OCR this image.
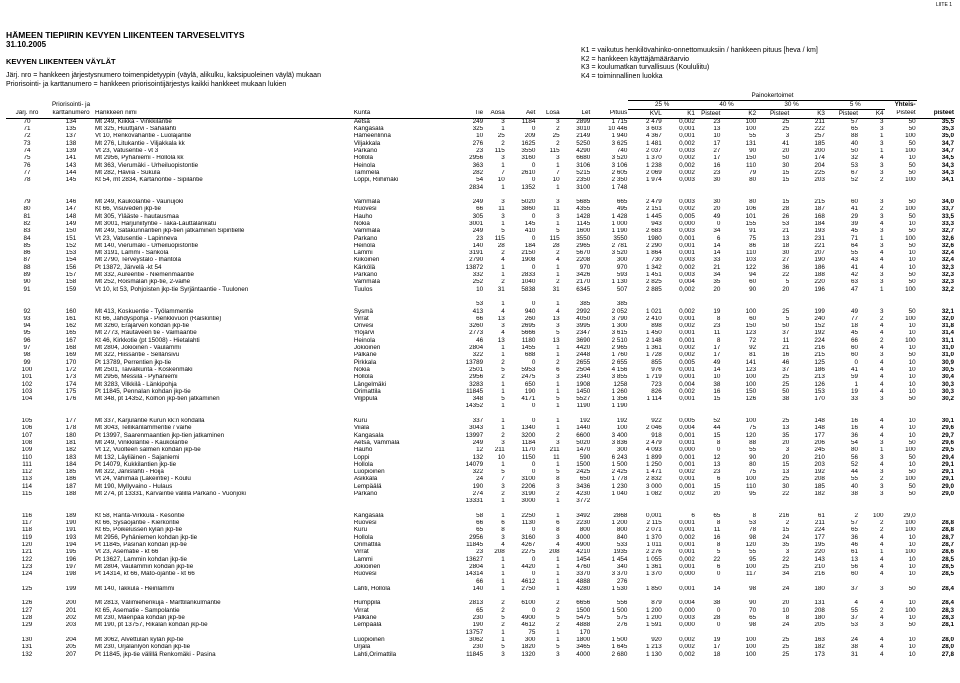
LIITE 1
HÄMEEN TIEPIIRIN KEVYEN LIIKENTEEN TARVESELVITYS
31.10.2005
KEVYEN LIIKENTEEN VÄYLÄT
Järj. nro = hankkeen järjestysnumero toimenpidetyypin (väylä, alikulku, kaksipuoleinen väylä) mukaan
Priorisointi- ja karttanumero = hankkeen priorisointijärjestys kaikki hankkeet mukaan lukien
K1 = vaikutus henkilövahinko-onnettomuuksiin / hankkeen pituus [heva / km]
K2 = hankkeen käyttäjämääräarvio
K3 = koulumatkan turvallisuus (Koululiitu)
K4 = toiminnallinen luokka
										Painokertoimet									
	Priorisointi- ja									25 %		40 %		30 %		5 %		Yhteis-	
Järj. nro	karttanumero	Hankkeen nimi	Kunta	Tie	Aosa	Aet	Losa	Let	Pituus	KVL	K1	Pisteet	K2	Pisteet	K3	Pisteet	K4	Pisteet	pisteet
70	134	Mt 249, Kiikka - Vinkkilantie	Äetsä	249	3	1184	3	2899	1 715	2 479	0,002	23	100	25	211	57	3	50	35,5
71	135	Mt 325, Huuttjärvi - Sahalahti	Kangasala	325	1	0	2	3010	10 446	3 603	0,001	13	100	25	222	65	3	50	35,3
72	137	Vt 10, Renkovahantie - Luolajantie	Hämeenlinna	10	25	209	25	2149	1 940	4 367	0,001	10	55	3	257	88	1	100	35,0
73	138	Mt 276, Litukantie - Viljakkala kk	Viljakkala	276	2	1625	2	5250	3 625	1 481	0,002	17	131	41	185	40	3	50	34,7
74	139	Vt 23, Vatusentie - vt 3	Parkano	23	115	3550	115	4290	740	2 037	0,003	27	90	20	200	50	1	100	34,7
75	141	Mt 2956, Pyhäniemi - Hollola kk	Hollola	2956	3	3160	3	6680	3 520	1 370	0,002	17	150	50	174	32	4	10	34,5
76	143	Mt 363, Vierumäki - Urheiluopistontie	Heinola	363	1	0	1	3106	3 106	1 238	0,002	16	110	30	204	53	3	50	34,3
77	144	Mt 282, Häviiä - Sukula	Tammela	282	7	2610	7	5215	2 605	2 069	0,002	23	79	15	225	67	3	50	34,3
78	145	Kt 54, mt 2834, Kartanontie - Sipiläntie	Loppi, Riihimäki	54	10	0	10	2350	2 350	1 974	0,003	30	80	15	203	52	2	100	34,1
				2834	1	1352	1	3100	1 748										

79	146	Mt 249, Kaukolantie - Vaunujoki	Vammala	249	3	5020	3	5685	665	2 479	0,003	30	80	15	215	60	3	50	34,0
80	147	Kt 66, Visuveden jkp-tie	Ruovesi	66	11	3860	11	4355	495	2 151	0,002	20	106	28	187	41	2	100	33,7
81	148	Mt 305, Ylääste - hautausmaa	Hauho	305	3	0	3	1428	1 428	1 445	0,005	49	101	26	168	29	3	50	33,5
82	149	Mt 3001, Harjuniityntie - Taka-Lauttalankatu	Nokia	3001	1	145	1	1145	1 000	943	0,000	0	155	53	184	39	4	10	33,3
83	150	Mt 249, Satakunnantien jkp-tien jatkaminen Sipintielle	Vammala	249	5	410	5	1600	1 190	2 683	0,003	34	91	21	193	45	3	50	32,7
84	151	Vt 23, Vatusentie - Lapinneva	Parkano	23	115	0	115	3550	3550	1980	0,001	6	75	13	231	71	1	100	32,6
85	152	Mt 140, Vierumäki - Urheiluopistontie	Heinola	140	28	184	28	2965	2 781	2 290	0,001	14	86	18	221	64	3	50	32,6
86	153	Mt 3191, Lammi - Sankola	Lammi	3191	2	2150	2	5670	3 520	1 864	0,001	14	110	30	207	55	4	10	32,4
87	154	Mt 2790, Terveystalo - Ihantola	Kiikoinen	2790	4	1908	4	2208	300	730	0,003	33	103	27	190	43	4	10	32,4
88	156	Pt 13872, Järvelä -kt 54	Kärkölä	13872	1	0	1	970	970	1 342	0,002	21	122	36	186	41	4	10	32,3
89	157	Mt 332, Aureentie - Niemenmaantie	Parkano	332	1	2833	1	3426	593	1 451	0,003	34	94	22	188	42	3	50	32,3
90	158	Mt 252, Roismalan jkp-tie, 2-vaihe	Vammala	252	2	1040	2	2170	1 130	2 825	0,004	35	60	5	220	63	3	50	32,3
91	159	Vt 10, kt 53, Pohjoisten jkp-tie Syrjäntaantie - Tuulonen	Tuulos	10	31	5838	31	6345	507	2 885	0,002	20	90	20	196	47	1	100	32,2

				53	1	0	1	385	385										
92	160	Mt 413, Koskuentie - Työlammentie	Sysmä	413	4	940	4	2992	2 052	1 021	0,002	19	100	25	199	49	3	50	32,1
93	161	Kt 66, Jähdyspohja - Pienkkivuori (Raiskintie)	Virrat	66	13	260	13	4050	3 790	2 410	0,001	8	60	5	240	77	2	100	32,0
94	162	Mt 3260, Eräjärven kohdan jkp-tie	Orivesi	3260	3	2695	3	3995	1 300	898	0,002	23	150	50	152	18	4	10	31,8
95	165	Mt 2773, Rautaveen tie - Vaimaantie	Ylöjärvi	2773	4	5666	5	2347	3 615	1 450	0,001	11	123	37	192	45	4	10	31,4
96	167	Kt 46, Kirkkotie (pt 15008) - Hietalahti	Heinola	46	13	1180	13	3690	2 510	2 148	0,001	8	72	11	224	66	2	100	31,1
97	168	Mt 2804, Jokioinen - Vaulammi	Jokioinen	2804	1	1455	1	4420	2 965	1 361	0,002	17	92	21	216	60	4	10	31,0
98	169	Mt 322, Hiissantie - Sellänsivu	Pälkäne	322	1	688	1	2448	1 760	1 728	0,002	17	81	16	215	60	3	50	31,0
99	170	Pt 13789, Perrentien jkp-tie	Pirkkala	13789	2	0	2	2655	2 655	855	0,005	49	141	46	125	0	4	10	30,9
100	172	Mt 2501, Taivalkunta - Koskenmäki	Nokia	2501	5	5953	6	2504	4 156	976	0,001	14	123	37	186	41	4	10	30,5
101	173	Mt 2956, Messilä - Pyhäniemi	Hollola	2956	2	2475	3	2340	3 855	1 719	0,001	10	100	25	213	59	4	10	30,4
102	174	Mt 3283, Vilkkilä - Länkipohja	Längelmäki	3283	1	650	1	1908	1258	723	0,004	38	100	25	126	1	4	10	30,3
103	175	Pt 11845, Pennalan kohdan jkp-tie	Orimattila	11845	1	190	1	1450	1 260	826	0,002	16	150	50	153	19	4	10	30,3
104	176	Mt 348, pt 14352, Kolhon jkp-tien jatkaminen	Viljppula	348	5	4171	5	5527	1 356	1 114	0,001	15	126	38	170	33	3	50	30,2
				14352	1	0	1	1190	1 190										

105	177	Mt 337, Karjulantie Kurun kk:n kohdalla	Kuru	337	1	0	1	192	192	922	0,005	52	100	25	148	16	4	10	30,1
106	178	Mt 3043, Tellikänlammentie / vaihe	Viiala	3043	1	1340	1	1440	100	2 046	0,004	44	75	13	148	16	4	10	29,6
107	180	Pt 13997, Saarenmaantien jkp-tien jatkaminen	Kangasala	13997	2	3200	2	6600	3 400	918	0,001	15	120	35	177	36	4	10	29,7
108	181	Mt 249, Vinkkiläntie - Kaukolantie	Äetsä, Vammala	249	3	1184	3	5020	3 836	2 479	0,001	8	88	20	206	54	3	50	29,6
109	182	Vt 12, Vuolteen salmen kohdan jkp-tie	Hauho	12	211	1170	211	1470	300	4 093	0,000	0	55	3	245	80	1	100	29,5
110	183	Mt 132, Läyliäinen - Sajaniemi	Loppi	132	10	1150	11	590	6 243	1 899	0,001	12	90	20	210	56	3	50	29,4
111	184	Pt 14079, Kukkilantien jkp-tie	Hollola	14079	1	0	1	1500	1 500	1 250	0,001	13	80	15	203	52	4	10	29,1
112	185	Mt 322, Jänislahti - Hoija	Luopioinen	322	5	0	5	2425	2 425	1 471	0,002	23	75	13	192	44	3	50	29,1
113	186	Vt 24, Vähimaa (Lakeintie) - Koulu	Asikkala	24	7	3100	8	650	1 778	2 832	0,001	6	100	25	208	55	2	100	29,1
114	187	Mt 190, Myllyvaino - Hulaus	Lempäälä	190	3	2206	3	3436	1 230	3 000	0,001	15	110	30	185	40	3	50	29,0
115	188	Mt 274, pt 13331, Karvaintie välillä Parkano - Vuorijoki	Parkano	274	2	3190	2	4230	1 040	1 082	0,002	20	95	22	182	38	3	50	29,0
				13331	1	3000	1	3772											

116	189	Kt 58, Ranta-Virkkula - Kesontie	Kangasala	58	1	2250	1	3492	2868	0,001	6	65	8	216	61	2	100	29,0	
117	190	Kt 66, Sysäojantie - Kierkontie	Ruovesi	66	6	1130	6	2230	1 200	2 115	0,001	8	53	2	211	57	2	100	28,8
118	191	Kt 65, Poikelussen kylän jkp-tie	Kuru	65	8	0	8	800	800	2 071	0,001	11	78	15	224	65	2	100	28,8
119	193	Mt 2956, Pyhäniemen kohdan jkp-tie	Hollola	2956	3	3160	3	4000	840	1 370	0,002	16	98	24	177	36	4	10	28,7
120	194	Pt 11845, Pasinan kohdan jkp-tie	Orimattila	11845	4	4267	4	4900	533	1 011	0,001	8	120	35	195	46	4	10	28,7
121	195	Vt 23, Asematie - kt 66	Virrat	23	208	2275	208	4210	1935	2 276	0,001	5	55	3	220	61	1	100	28,6
122	196	Pt 13627, Lammin kohdan jkp-tie	Lammi	13627	1	0	1	1454	1 454	1 055	0,002	22	95	22	143	13	4	10	28,5
123	197	Mt 2804, Vaulammin kohdan jkp-tie	Jokioinen	2804	1	4420	1	4760	340	1 361	0,001	6	100	25	210	56	4	10	28,5
124	198	Pt 14314, kt 66, Mato-ojantie - kt 66	Ruovesi	14314	1	0	1	3370	3 370	1 370	0,000	0	117	34	216	60	4	10	28,5
				66	1	4612	1	4888	276										
125	199	Mt 140, Takkula - Heinlammi	Lahti, Hollola	140	1	2750	1	4280	1 530	1 850	0,001	14	98	24	180	37	3	50	28,4

126	200	Mt 2813, Välimiehenkuja - Marttilankulmantie	Humppila	2813	2	6100	2	6656	556	879	0,004	38	90	20	131	4	4	10	28,4
127	201	Kt 65, Asematie - Sampolantie	Virrat	65	2	0	2	1500	1 500	1 200	0,000	0	70	10	208	55	2	100	28,3
128	202	Mt 230, Mäenpää kohdan jkp-tie	Pälkäne	230	5	4900	5	5475	575	1 200	0,003	28	65	8	180	37	4	10	28,3
129	203	Mt 190, pt 13757, Rikalan kohdan jkp-tie	Lempäälä	190	2	4612	2	4888	276	1 591	0,000	0	98	24	205	53	3	50	28,1
				13757	1	75	1	170											
130	204	Mt 3062, Alvettulan kylän jkp-tie	Luopioinen	3062	1	300	1	1800	1 500	920	0,002	19	100	25	163	24	4	10	28,0
131	205	Mt 230, Urjalanlyön kohdan jkp-tie	Urjala	230	5	1820	5	3465	1 645	1 213	0,002	17	100	25	182	38	4	10	28,0
132	207	Pt 11845, jkp-tie välillä Renkomäki - Pasina	Lahti,Orimattila	11845	3	1320	3	4000	2 680	1 130	0,002	18	100	25	173	31	4	10	27,8
